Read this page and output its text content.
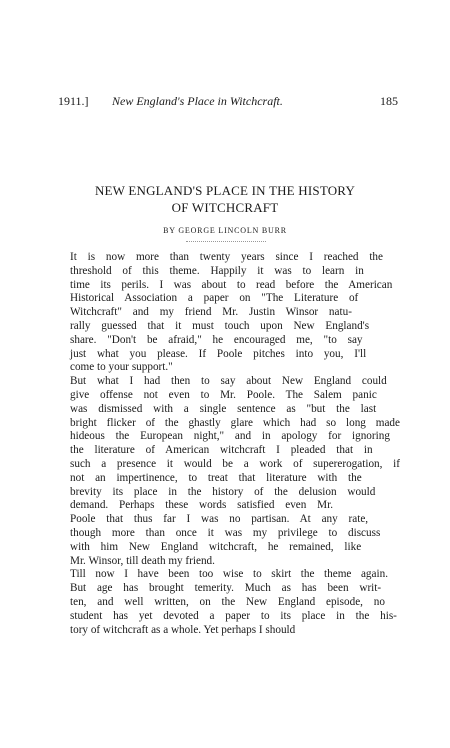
1911.] New England's Place in Witchcraft.	185
NEW ENGLAND'S PLACE IN THE HISTORY
OF WITCHCRAFT
BY GEORGE LINCOLN BURR

It is now more than twenty years since I reached the
threshold of this theme. Happily it was to learn in
time its perils. I was about to read before the American
Historical Association a paper on "The Literature of
Witchcraft" and my friend Mr. Justin Winsor natu-
rally guessed that it must touch upon New England's
share. "Don't be afraid," he encouraged me, "to say
just what you please. If Poole pitches into you, I'll
come to your support."

But what I had then to say about New England could
give offense not even to Mr. Poole. The Salem panic
was dismissed with a single sentence as "but the last
bright flicker of the ghastly glare which had so long made
hideous the European night," and in apology for ignoring
the literature of American witchcraft I pleaded that in
such a presence it would be a work of supererogation, if
not an impertinence, to treat that literature with the
brevity its place in the history of the delusion would
demand. Perhaps these words satisfied even Mr.
Poole that thus far I was no partisan. At any rate,
though more than once it was my privilege to discuss
with him New England witchcraft, he remained, like
Mr. Winsor, till death my friend.

Till now I have been too wise to skirt the theme again.
But age has brought temerity. Much as has been writ-
ten, and well written, on the New England episode, no
student has yet devoted a paper to its place in the his-
tory of witchcraft as a whole. Yet perhaps I should
